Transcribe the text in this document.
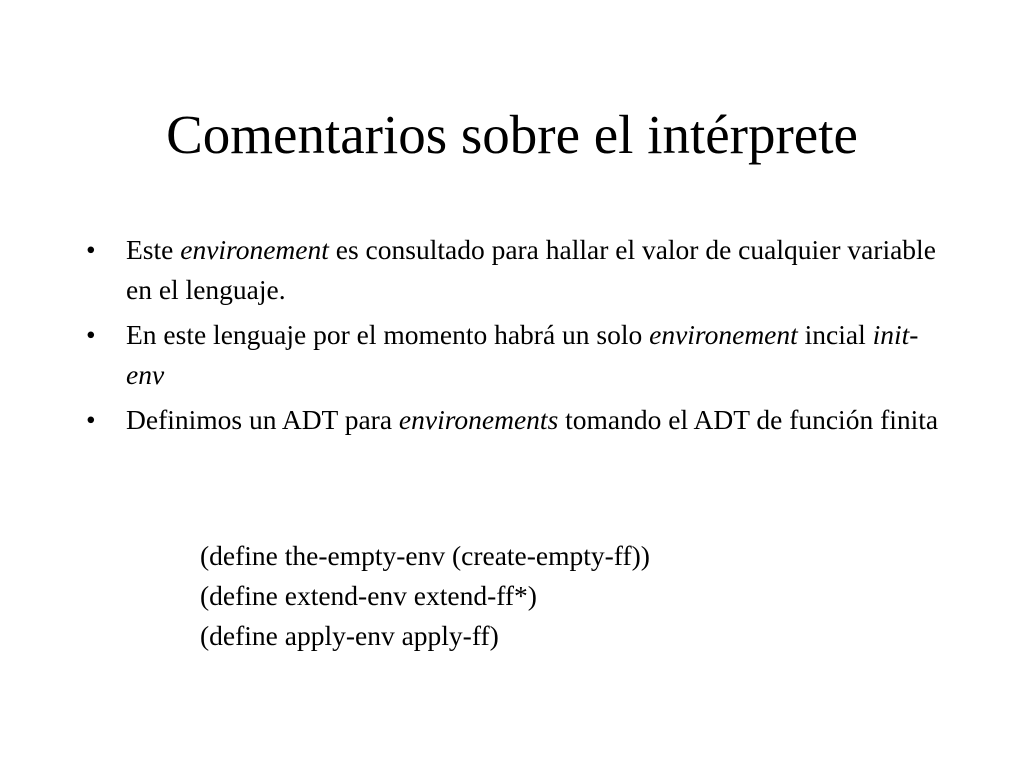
Comentarios sobre el intérprete
• Este environement es consultado para hallar el valor de cualquier variable en el lenguaje.
• En este lenguaje por el momento habrá un solo environement incial init-env
• Definimos un ADT para environements tomando el ADT de función finita
(define the-empty-env (create-empty-ff))
(define extend-env extend-ff*)
(define apply-env apply-ff)
